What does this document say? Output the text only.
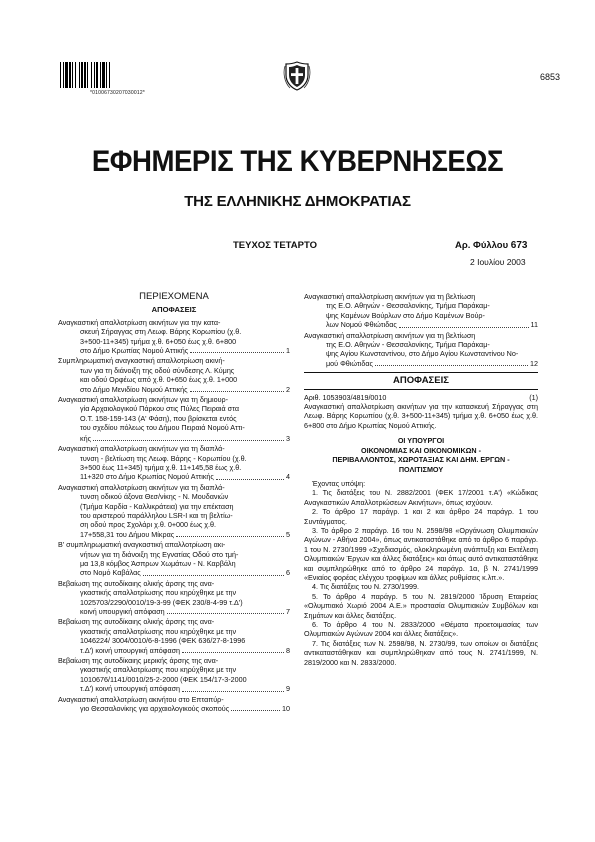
*01006730207030012*
6853
ΕΦΗΜΕΡΙΣ ΤΗΣ ΚΥΒΕΡΝΗΣΕΩΣ
ΤΗΣ ΕΛΛΗΝΙΚΗΣ ΔΗΜΟΚΡΑΤΙΑΣ
ΤΕΥΧΟΣ ΤΕΤΑΡΤΟ	Αρ. Φύλλου 673
2 Ιουλίου 2003
ΠΕΡΙΕΧΟΜΕΝΑ
ΑΠΟΦΑΣΕΙΣ
Αναγκαστική απαλλοτρίωση ακινήτων για την κατα-
σκευή Σήραγγας στη Λεωφ. Βάρης Κορωπίου (χ.θ.
3+500-11+345) τμήμα χ.θ. 6+050 έως χ.θ. 6+800
στο Δήμο Κρωπίας Νομού Αττικής	1
Συμπληρωματική αναγκαστική απαλλοτρίωση ακινή-
των για τη διάνοιξη της οδού σύνδεσης Λ. Κύμης
και οδού Ορφέως από χ.θ. 0+650 έως χ.θ. 1+000
στο Δήμο Μενιδίου Νομού Αττικής	2
Αναγκαστική απαλλοτρίωση ακινήτων για τη δημιουρ-
γία Αρχαιολογικού Πάρκου στις Πύλες Πειραιά στα
Ο.Τ. 158-159-143 (Α' Φάση), που βρίσκεται εντός
του σχεδίου πόλεως του Δήμου Πειραιά Νομού Αττι-
κής	3
Αναγκαστική απαλλοτρίωση ακινήτων για τη διαπλά-
τυνση - βελτίωση της Λεωφ. Βάρης - Κορωπίου (χ.θ.
3+500 έως 11+345) τμήμα χ.θ. 11+145,58 έως χ.θ.
11+320 στο Δήμο Κρωπίας Νομού Αττικής	4
Αναγκαστική απαλλοτρίωση ακινήτων για τη διαπλά-
τυνση οδικού άξονα Θεσ/νίκης - Ν. Μουδανιών
(Τμήμα Καρδία - Καλλικράτεια) για την επέκταση
του αριστερού παράλληλου LSR-I και τη βελτίω-
ση οδού προς Σχολάρι χ.θ. 0+000 έως χ.θ.
17+558,31 του Δήμου Μίκρας	5
Β' συμπληρωματική αναγκαστική απαλλοτρίωση ακι-
νήτων για τη διάνοιξη της Εγνατίας Οδού στο τμή-
μα 13,8 κόμβος Άσπρων Χωμάτων - Ν. Καρβάλη
στο Νομό Καβάλας	6
Βεβαίωση της αυτοδίκαιης ολικής άρσης της ανα-
γκαστικής απαλλοτρίωσης που κηρύχθηκε με την
1025703/2290/0010/19-3-99 (ΦΕΚ 230/8-4-99 τ.Δ')
κοινή υπουργική απόφαση	7
Βεβαίωση της αυτοδίκαιης ολικής άρσης της ανα-
γκαστικής απαλλοτρίωσης που κηρύχθηκε με την
1046224/ 3004/0010/6-8-1996 (ΦΕΚ 636/27-8-1996
τ.Δ') κοινή υπουργική απόφαση	8
Βεβαίωση της αυτοδίκαιης μερικής άρσης της ανα-
γκαστικής απαλλοτρίωσης που κηρύχθηκε με την
1010676/1141/0010/25-2-2000 (ΦΕΚ 154/17-3-2000
τ.Δ') κοινή υπουργική απόφαση	9
Αναγκαστική απαλλοτρίωση ακινήτου στο Επταπύρ-
γιο Θεσσαλονίκης για αρχαιολογικούς σκοπούς	10
Αναγκαστική απαλλοτρίωση ακινήτων για τη βελτίωση
της Ε.Ο. Αθηνών - Θεσσαλονίκης, Τμήμα Παράκαμ-
ψης Καμένων Βούρλων στο Δήμο Καμένων Βούρ-
λων Νομού Φθιώτιδας	11
Αναγκαστική απαλλοτρίωση ακινήτων για τη βελτίωση
της Ε.Ο. Αθηνών - Θεσσαλονίκης, Τμήμα Παράκαμ-
ψης Αγίου Κωνσταντίνου, στο Δήμο Αγίου Κωνσταντίνου Νο-
μού Φθιώτιδας	12
ΑΠΟΦΑΣΕΙΣ
Αριθ. 1053903/4819/0010	(1)
Αναγκαστική απαλλοτρίωση ακινήτων για την κατασκευή Σήραγγας στη Λεωφ. Βάρης Κορωπίου (χ.θ. 3+500-11+345) τμήμα χ.θ. 6+050 έως χ.θ. 6+800 στο Δήμο Κρωπίας Νομού Αττικής.
ΟΙ ΥΠΟΥΡΓΟΙ
ΟΙΚΟΝΟΜΙΑΣ ΚΑΙ ΟΙΚΟΝΟΜΙΚΩΝ -
ΠΕΡΙΒΑΛΛΟΝΤΟΣ, ΧΩΡΟΤΑΞΙΑΣ ΚΑΙ ΔΗΜ. ΕΡΓΩΝ -
ΠΟΛΙΤΙΣΜΟΥ
Έχοντας υπόψη:
1. Τις διατάξεις του Ν. 2882/2001 (ΦΕΚ 17/2001 τ.Α') «Κώδικας Αναγκαστικών Απαλλοτριώσεων Ακινήτων», όπως ισχύουν.
2. Το άρθρο 17 παράγρ. 1 και 2 και άρθρο 24 παράγρ. 1 του Συντάγματος.
3. Το άρθρο 2 παράγρ. 16 του Ν. 2598/98 «Οργάνωση Ολυμπιακών Αγώνων - Αθήνα 2004», όπως αντικαταστάθηκε από το άρθρο 6 παράγρ. 1 του Ν. 2730/1999 «Σχεδιασμός, ολοκληρωμένη ανάπτυξη και Εκτέλεση Ολυμπιακών Έργων και άλλες διατάξεις» και όπως αυτό αντικαταστάθηκε και συμπληρώθηκε από το άρθρο 24 παράγρ. 1α, β Ν. 2741/1999 «Ενιαίος φορέας ελέγχου τροφίμων και άλλες ρυθμίσεις κ.λπ.».
4. Τις διατάξεις του Ν. 2730/1999.
5. Το άρθρο 4 παράγρ. 5 του Ν. 2819/2000 Ίδρυση Εταιρείας «Ολυμπιακό Χωριό 2004 Α.Ε.» προστασία Ολυμπιακών Συμβόλων και Σημάτων και άλλες διατάξεις.
6. Το άρθρο 4 του Ν. 2833/2000 «Θέματα προετοιμασίας των Ολυμπιακών Αγώνων 2004 και άλλες διατάξεις».
7. Τις διατάξεις των Ν. 2598/98, Ν. 2730/99, των οποίων οι διατάξεις αντικαταστάθηκαν και συμπληρώθηκαν από τους Ν. 2741/1999, Ν. 2819/2000 και Ν. 2833/2000.
